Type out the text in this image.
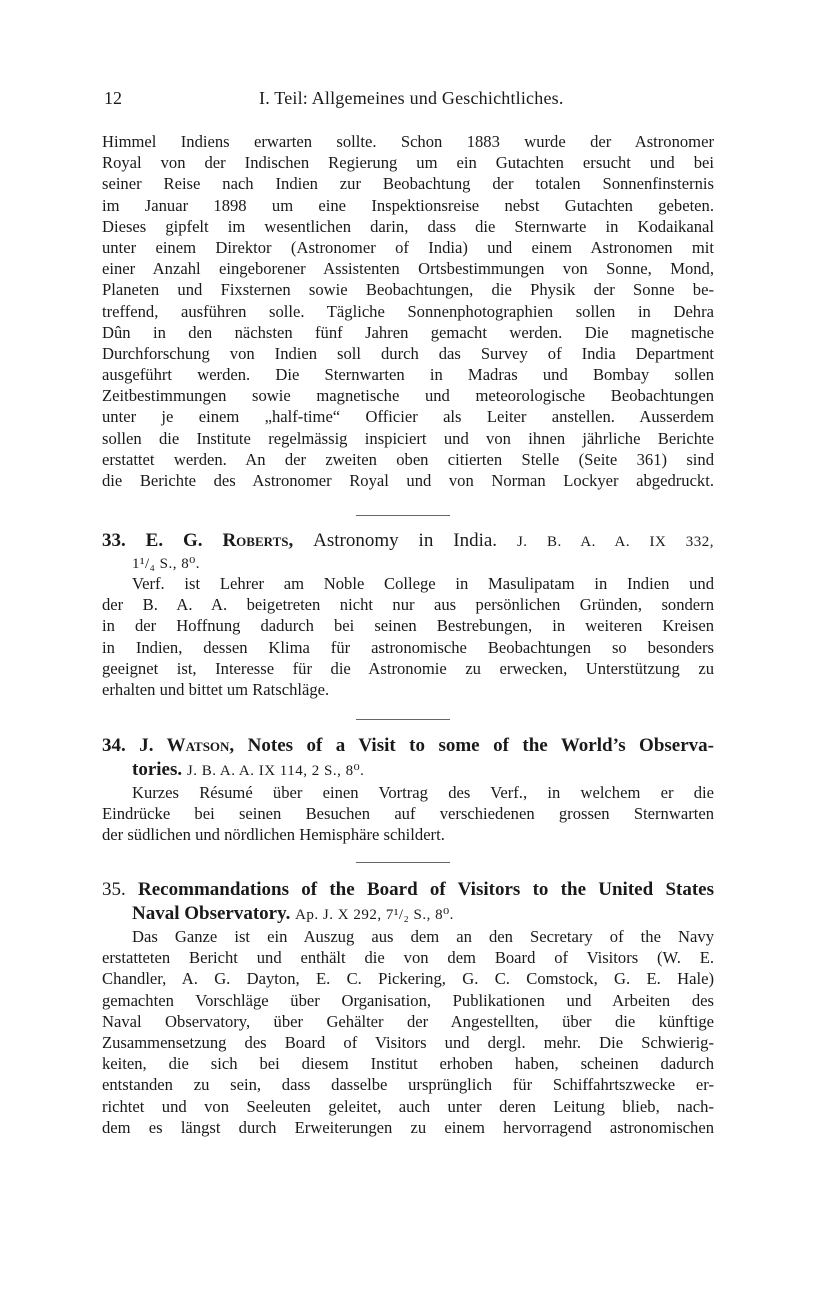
12	I. Teil: Allgemeines und Geschichtliches.
Himmel Indiens erwarten sollte. Schon 1883 wurde der Astronomer
Royal von der Indischen Regierung um ein Gutachten ersucht und bei
seiner Reise nach Indien zur Beobachtung der totalen Sonnenfinsternis
im Januar 1898 um eine Inspektionsreise nebst Gutachten gebeten.
Dieses gipfelt im wesentlichen darin, dass die Sternwarte in Kodaikanal
unter einem Direktor (Astronomer of India) und einem Astronomen mit
einer Anzahl eingeborener Assistenten Ortsbestimmungen von Sonne, Mond,
Planeten und Fixsternen sowie Beobachtungen, die Physik der Sonne be-
treffend, ausführen solle. Tägliche Sonnenphotographien sollen in Dehra
Dûn in den nächsten fünf Jahren gemacht werden. Die magnetische
Durchforschung von Indien soll durch das Survey of India Department
ausgeführt werden. Die Sternwarten in Madras und Bombay sollen
Zeitbestimmungen sowie magnetische und meteorologische Beobachtungen
unter je einem „half-time“ Officier als Leiter anstellen. Ausserdem
sollen die Institute regelmässig inspiciert und von ihnen jährliche Berichte
erstattet werden. An der zweiten oben citierten Stelle (Seite 361) sind
die Berichte des Astronomer Royal und von Norman Lockyer abgedruckt.
33. E. G. Roberts, Astronomy in India. J. B. A. A. IX 332,
1¹/₄ S., 8⁰.
Verf. ist Lehrer am Noble College in Masulipatam in Indien und
der B. A. A. beigetreten nicht nur aus persönlichen Gründen, sondern
in der Hoffnung dadurch bei seinen Bestrebungen, in weiteren Kreisen
in Indien, dessen Klima für astronomische Beobachtungen so besonders
geeignet ist, Interesse für die Astronomie zu erwecken, Unterstützung zu
erhalten und bittet um Ratschläge.
34. J. Watson, Notes of a Visit to some of the World’s Observa-
tories. J. B. A. A. IX 114, 2 S., 8⁰.
Kurzes Résumé über einen Vortrag des Verf., in welchem er die
Eindrücke bei seinen Besuchen auf verschiedenen grossen Sternwarten
der südlichen und nördlichen Hemisphäre schildert.
35. Recommandations of the Board of Visitors to the United States
Naval Observatory. Ap. J. X 292, 7¹/₂ S., 8⁰.
Das Ganze ist ein Auszug aus dem an den Secretary of the Navy
erstatteten Bericht und enthält die von dem Board of Visitors (W. E.
Chandler, A. G. Dayton, E. C. Pickering, G. C. Comstock, G. E. Hale)
gemachten Vorschläge über Organisation, Publikationen und Arbeiten des
Naval Observatory, über Gehälter der Angestellten, über die künftige
Zusammensetzung des Board of Visitors und dergl. mehr. Die Schwierig-
keiten, die sich bei diesem Institut erhoben haben, scheinen dadurch
entstanden zu sein, dass dasselbe ursprünglich für Schiffahrtszwecke er-
richtet und von Seeleuten geleitet, auch unter deren Leitung blieb, nach-
dem es längst durch Erweiterungen zu einem hervorragend astronomischen
